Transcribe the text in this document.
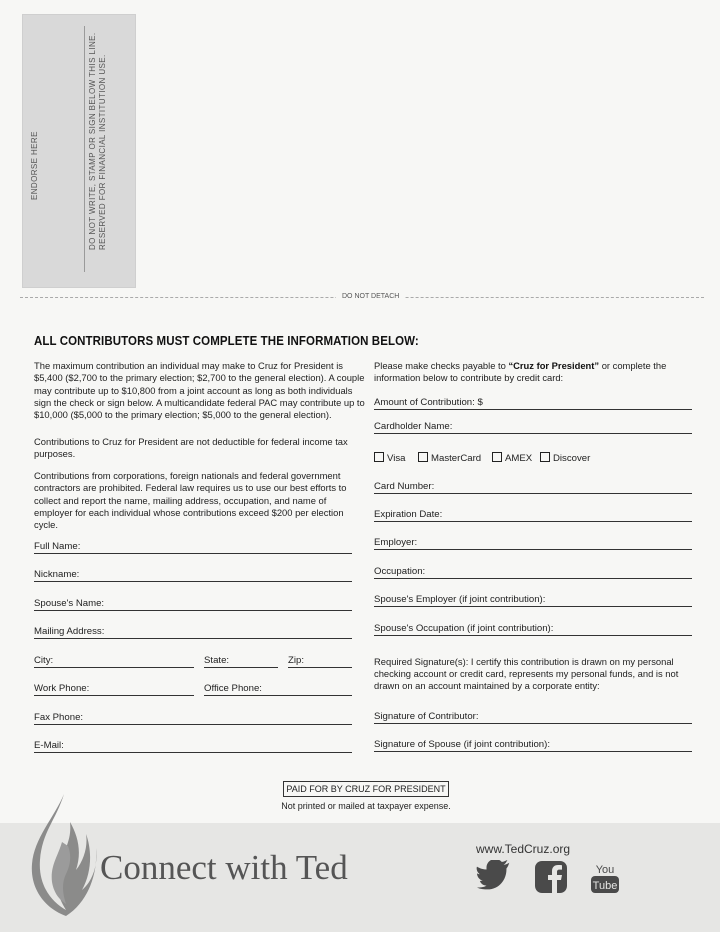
ENDORSE HERE	DO NOT WRITE, STAMP OR SIGN BELOW THIS LINE. RESERVED FOR FINANCIAL INSTITUTION USE.
DO NOT DETACH
ALL CONTRIBUTORS MUST COMPLETE THE INFORMATION BELOW:
The maximum contribution an individual may make to Cruz for President is $5,400 ($2,700 to the primary election; $2,700 to the general election). A couple may contribute up to $10,800 from a joint account as long as both individuals sign the check or sign below. A multicandidate federal PAC may contribute up to $10,000 ($5,000 to the primary election; $5,000 to the general election).
Contributions to Cruz for President are not deductible for federal income tax purposes.
Contributions from corporations, foreign nationals and federal government contractors are prohibited. Federal law requires us to use our best efforts to collect and report the name, mailing address, occupation, and name of employer for each individual whose contributions exceed $200 per election cycle.
Full Name:
Nickname:
Spouse's Name:
Mailing Address:
City:	State:	Zip:
Work Phone:	Office Phone:
Fax Phone:
E-Mail:
Please make checks payable to “Cruz for President” or complete the information below to contribute by credit card:
Amount of Contribution: $
Cardholder Name:
Visa	MasterCard	AMEX	Discover
Card Number:
Expiration Date:
Employer:
Occupation:
Spouse's Employer (if joint contribution):
Spouse's Occupation (if joint contribution):
Required Signature(s): I certify this contribution is drawn on my personal checking account or credit card, represents my personal funds, and is not drawn on an account maintained by a corporate entity:
Signature of Contributor:
Signature of Spouse (if joint contribution):
PAID FOR BY CRUZ FOR PRESIDENT
Not printed or mailed at taxpayer expense.
Connect with Ted	www.TedCruz.org
You
Tube
